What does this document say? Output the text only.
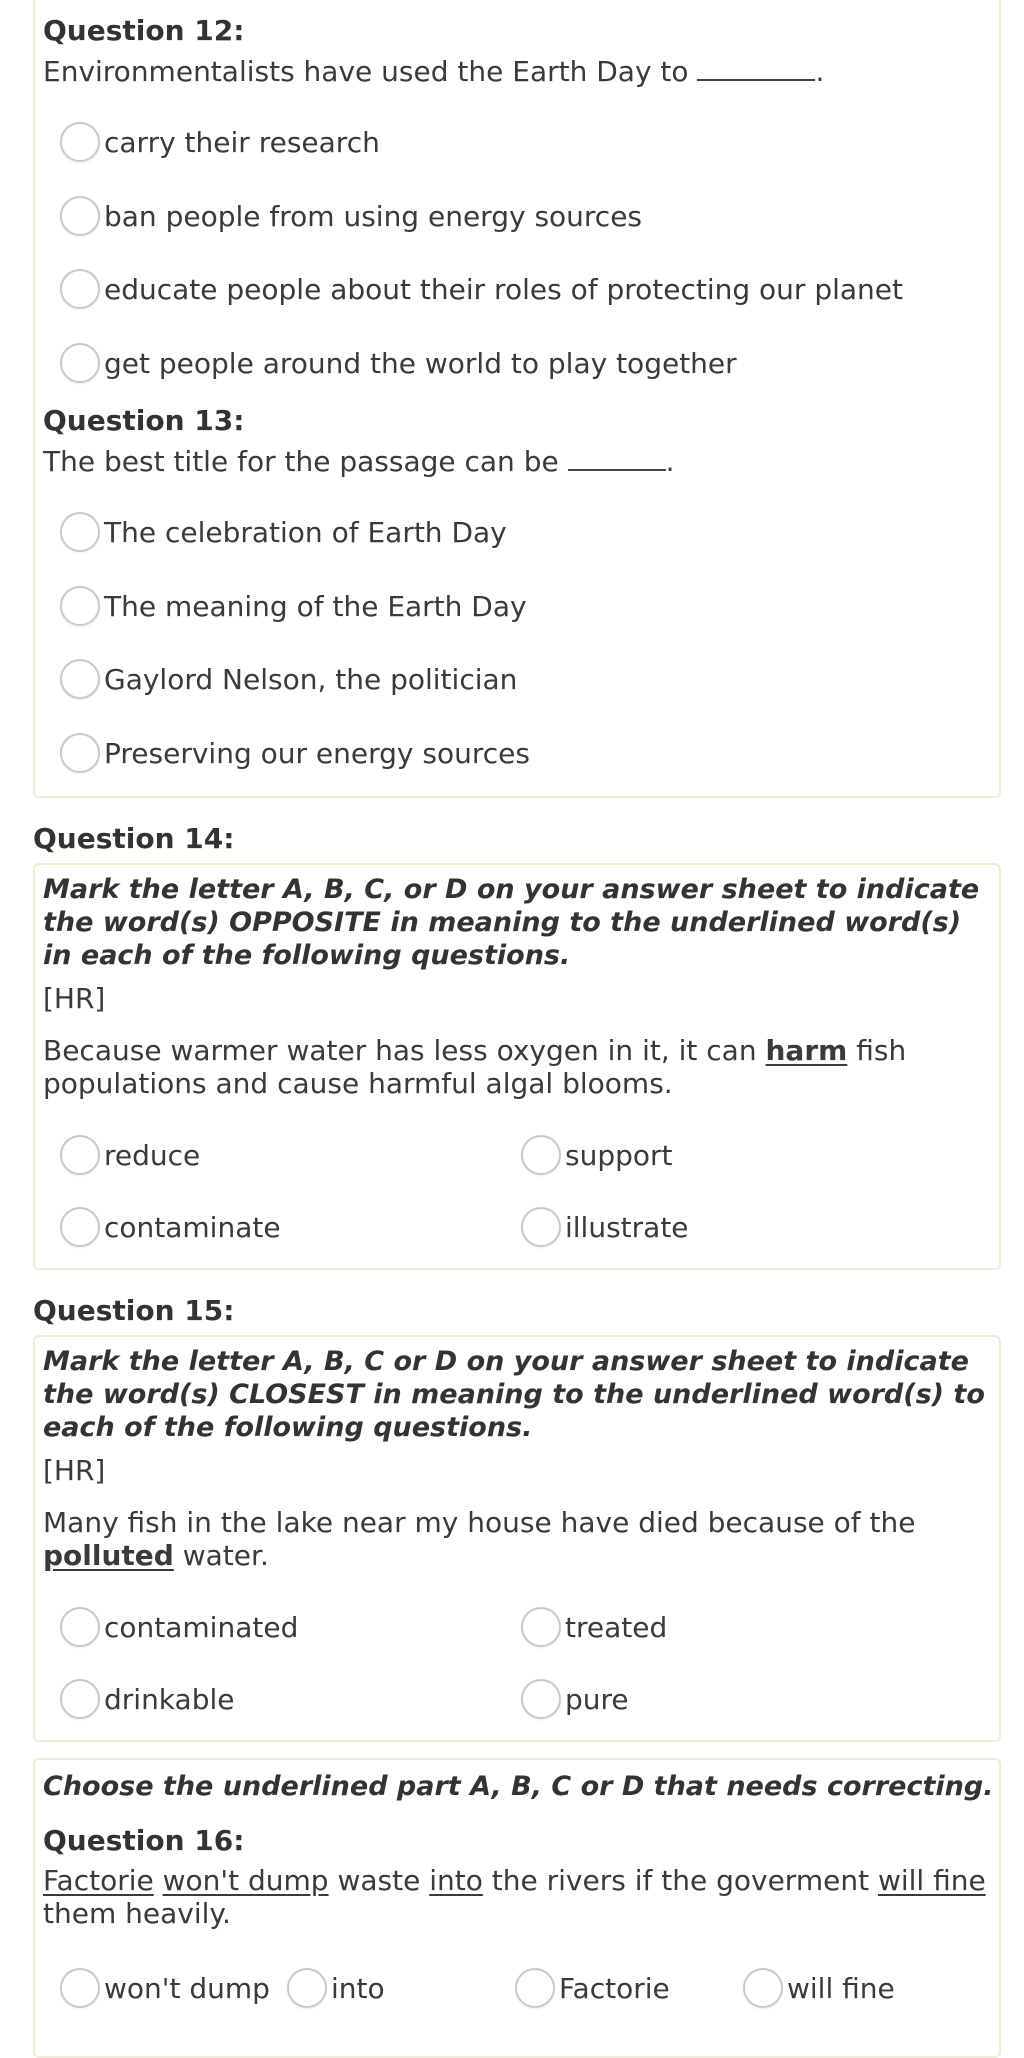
Question 12:
Environmentalists have used the Earth Day to	.
carry their research
ban people from using energy sources
educate people about their roles of protecting our planet
get people around the world to play together
Question 13:
The best title for the passage can be	.
The celebration of Earth Day
The meaning of the Earth Day
Gaylord Nelson, the politician
Preserving our energy sources
Question 14:
Mark the letter A, B, C, or D on your answer sheet to indicate the word(s) OPPOSITE in meaning to the underlined word(s) in each of the following questions.
[HR]
Because warmer water has less oxygen in it, it can harm fish populations and cause harmful algal blooms.
reduce	support
contaminate	illustrate
Question 15:
Mark the letter A, B, C or D on your answer sheet to indicate the word(s) CLOSEST in meaning to the underlined word(s) to each of the following questions.
[HR]
Many fish in the lake near my house have died because of the polluted water.
contaminated	treated
drinkable	pure
Choose the underlined part A, B, C or D that needs correcting.
Question 16:
Factorie won't dump waste into the rivers if the goverment will fine them heavily.
won't dump into	Factorie	will fine
